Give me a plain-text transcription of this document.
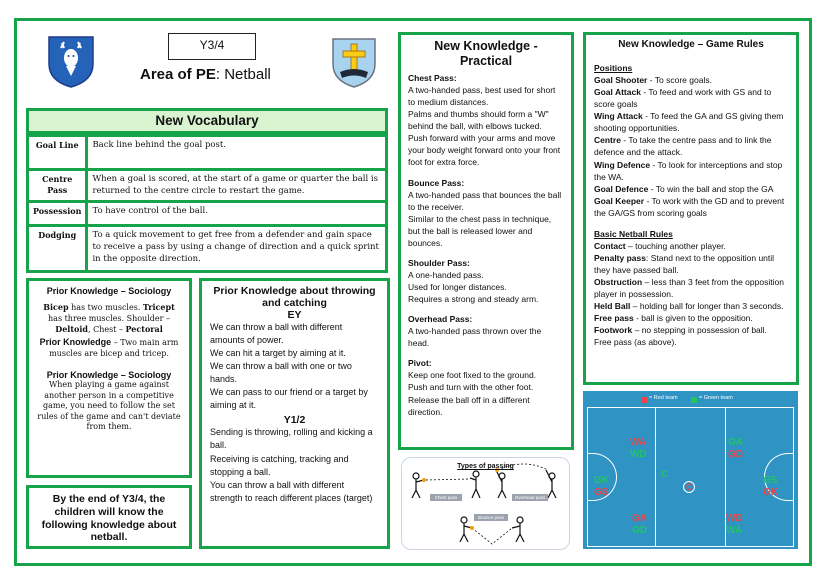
Y3/4
Area of PE: Netball
New Vocabulary
Goal Line	Back line behind the goal post.
Centre Pass	When a goal is scored, at the start of a game or quarter the ball is returned to the centre circle to restart the game.
Possession	To have control of the ball.
Dodging	To a quick movement to get free from a defender and gain space to receive a pass by using a change of direction and a quick sprint in the opposite direction.
Prior Knowledge – Sociology
Bicep has two muscles. Tricept has three muscles. Shoulder – Deltoid, Chest – Pectoral
Prior Knowledge – Two main arm muscles are bicep and tricep.
Prior Knowledge – Sociology
When playing a game against another person in a competitive game, you need to follow the set rules of the game and can't deviate from them.
By the end of Y3/4, the children will know the following knowledge about netball.
Prior Knowledge about throwing and catching
EY
We can throw a ball with different amounts of power.
We can hit a target by aiming at it.
We can throw a ball with one or two hands.
We can pass to our friend or a target by aiming at it.
Y1/2
Sending is throwing, rolling and kicking a ball.
Receiving is catching, tracking and stopping a ball.
You can throw a ball with different strength to reach different places (target)
New Knowledge - Practical
Chest Pass:
A two-handed pass, best used for short to medium distances.
Palms and thumbs should form a "W" behind the ball, with elbows tucked.
Push forward with your arms and move your body weight forward onto your front foot for extra force.
Bounce Pass:
A two-handed pass that bounces the ball to the receiver.
Similar to the chest pass in technique, but the ball is released lower and bounces.
Shoulder Pass:
A one-handed pass.
Used for longer distances.
Requires a strong and steady arm.
Overhead Pass:
A two-handed pass thrown over the head.
Pivot:
Keep one foot fixed to the ground.
Push and turn with the other foot.
Release the ball off in a different direction.
Types of passing
Chest pass	Overhead pass
Bounce pass
New Knowledge – Game Rules
Positions
Goal Shooter - To score goals.
Goal Attack - To feed and work with GS and to score goals
Wing Attack - To feed the GA and GS giving them shooting opportunities.
Centre - To take the centre pass and to link the defence and the attack.
Wing Defence - To look for interceptions and stop the WA.
Goal Defence - To win the ball and stop the GA
Goal Keeper - To work with the GD and to prevent the GA/GS from scoring goals
Basic Netball Rules
Contact – touching another player.
Penalty pass: Stand next to the opposition until they have passed ball.
Obstruction – less than 3 feet from the opposition player in possession.
Held Ball – holding ball for longer than 3 seconds.
Free pass - ball is given to the opposition.
Footwork – no stepping in possession of ball.
Free pass (as above).
= Red team	= Green team
WA
WD
GK
GS
GA
GD
C
C
GA
GD
GS
GK
WD
WA
